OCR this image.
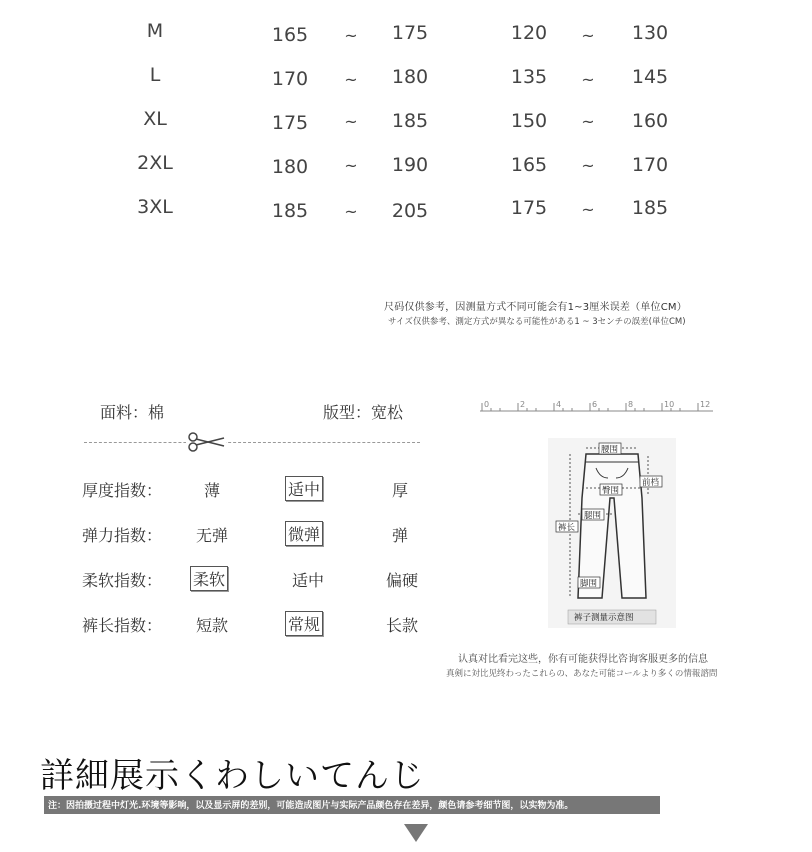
M	165 ~ 175	120 ~ 130
L	170 ~ 180	135 ~ 145
XL	175 ~ 185	150 ~ 160
2XL	180 ~ 190	165 ~ 170
3XL	185 ~ 205	175 ~ 185
尺码仅供参考，因测量方式不同可能会有1~3厘米误差（单位CM）
サイズ仅供参考、測定方式が異なる可能性がある1 ~ 3センチの誤差(単位CM)
面料：棉	版型：宽松
厚度指数：	薄	适中	厚
弹力指数：	无弹	微弹	弹
柔软指数： 柔软	适中	偏硬
裤长指数：	短款	常规	长款
0	2	4	6	8	10	12
腰围
前档
臀围
腿围
裤长
脚围
裤子测量示意图
认真对比看完这些，你有可能获得比咨询客服更多的信息
真剣に対比见终わったこれらの、あなた可能コールより多くの情報諮問
詳細展示くわしいてんじ
注：因拍摄过程中灯光.环境等影响，以及显示屏的差别，可能造成图片与实际产品颜色存在差异，颜色请参考细节图，以实物为准。
